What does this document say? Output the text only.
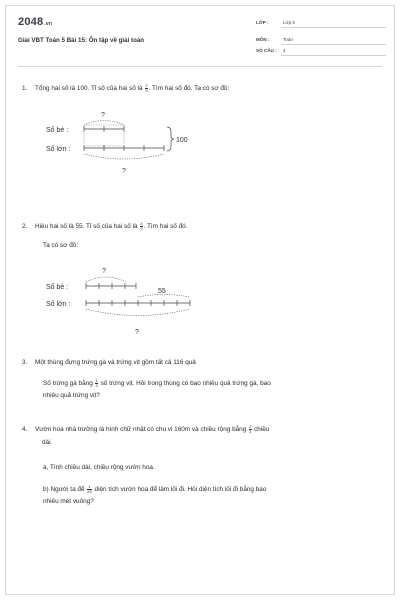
2048.vn
Giải VBT Toán 5 Bài 15: Ôn tập về giải toán
LỚP :	Lớp 5
MÔN :	Toán
SỐ CÂU : 4
1. Tổng hai số là 100. Tỉ số của hai số là $\frac{2}{3}$ . Tìm hai số đó. Ta có sơ đồ:
?
Số bé :
Số lớn :
100
?
2. Hiệu hai số là 55. Tỉ số của hai số là $\frac{4}{9}$ . Tìm hai số đó.
Ta có sơ đồ:
?
Số bé :
55
Số lớn :
?
3. Một thùng đựng trứng gà và trứng vịt gồm tất cả 116 quả
Số trứng gà bằng $\frac{1}{3}$ số trứng vịt. Hỏi trong thùng có bao nhiêu quả trứng gà, bao
nhiêu quả trứng vịt?
4. Vườn hoa nhà trường là hình chữ nhật có chu vi 160m và chiều rộng bằng $\frac{2}{3}$ chiều
dài.
a, Tính chiều dài, chiều rộng vườn hoa.
b) Người ta để $\frac{1}{24}$ diện tích vườn hoa để làm lối đi. Hỏi diện tích lối đi bằng bao
nhiêu mét vuông?
